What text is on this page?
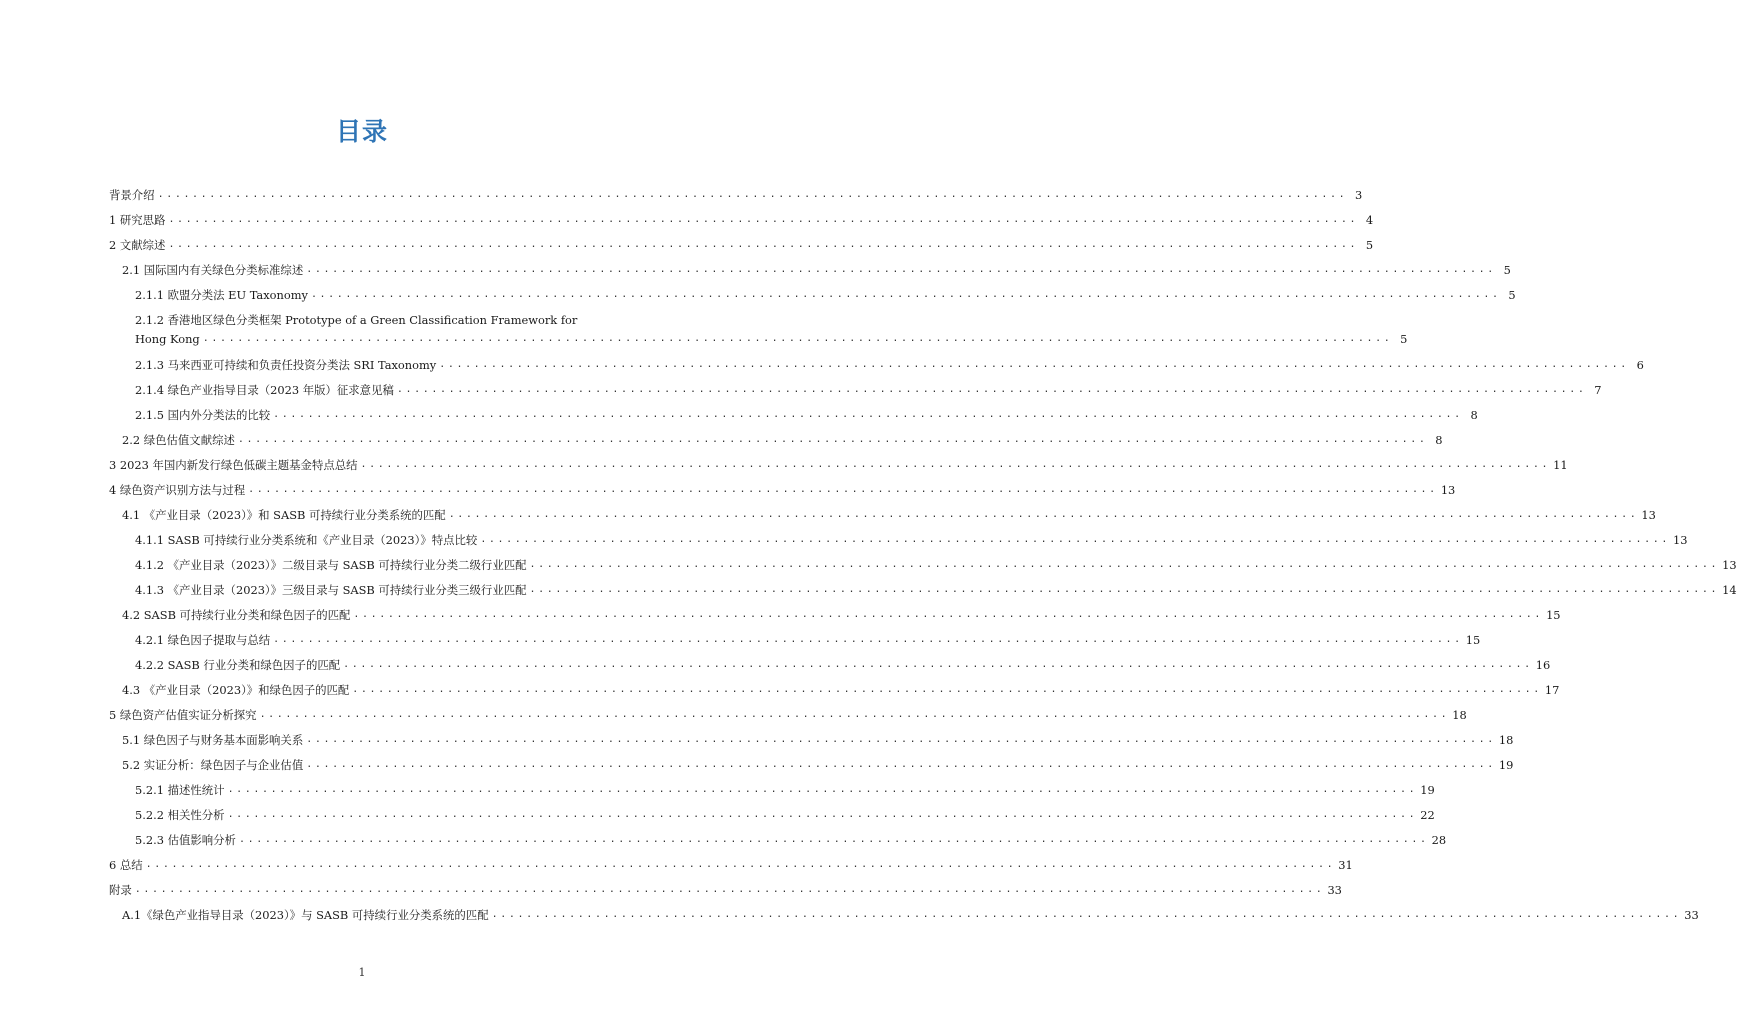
目录
背景介绍 .......................................................................................................................................... 3
1 研究思路 .......................................................................................................................................... 4
2 文献综述 .......................................................................................................................................... 5
2.1 国际国内有关绿色分类标准综述 .......................................................................................................................................... 5
2.1.1 欧盟分类法 EU Taxonomy .......................................................................................................................................... 5
2.1.2 香港地区绿色分类框架 Prototype of a Green Classification Framework for
Hong Kong .......................................................................................................................................... 5
2.1.3 马来西亚可持续和负责任投资分类法 SRI Taxonomy .......................................................................................................................................... 6
2.1.4 绿色产业指导目录（2023 年版）征求意见稿 .......................................................................................................................................... 7
2.1.5 国内外分类法的比较 .......................................................................................................................................... 8
2.2 绿色估值文献综述 .......................................................................................................................................... 8
3 2023 年国内新发行绿色低碳主题基金特点总结 .......................................................................................................................................... 11
4 绿色资产识别方法与过程 .......................................................................................................................................... 13
4.1 《产业目录（2023）》和 SASB 可持续行业分类系统的匹配 .......................................................................................................................................... 13
4.1.1 SASB 可持续行业分类系统和《产业目录（2023）》特点比较 .......................................................................................................................................... 13
4.1.2 《产业目录（2023）》二级目录与 SASB 可持续行业分类二级行业匹配 .......................................................................................................................................... 13
4.1.3 《产业目录（2023）》三级目录与 SASB 可持续行业分类三级行业匹配 .......................................................................................................................................... 14
4.2 SASB 可持续行业分类和绿色因子的匹配 .......................................................................................................................................... 15
4.2.1 绿色因子提取与总结 .......................................................................................................................................... 15
4.2.2 SASB 行业分类和绿色因子的匹配 .......................................................................................................................................... 16
4.3 《产业目录（2023）》和绿色因子的匹配 .......................................................................................................................................... 17
5 绿色资产估值实证分析探究 .......................................................................................................................................... 18
5.1 绿色因子与财务基本面影响关系 .......................................................................................................................................... 18
5.2 实证分析：绿色因子与企业估值 .......................................................................................................................................... 19
5.2.1 描述性统计 .......................................................................................................................................... 19
5.2.2 相关性分析 .......................................................................................................................................... 22
5.2.3 估值影响分析 .......................................................................................................................................... 28
6 总结 .......................................................................................................................................... 31
附录 .......................................................................................................................................... 33
A.1《绿色产业指导目录（2023）》与 SASB 可持续行业分类系统的匹配 .......................................................................................................................................... 33
1
